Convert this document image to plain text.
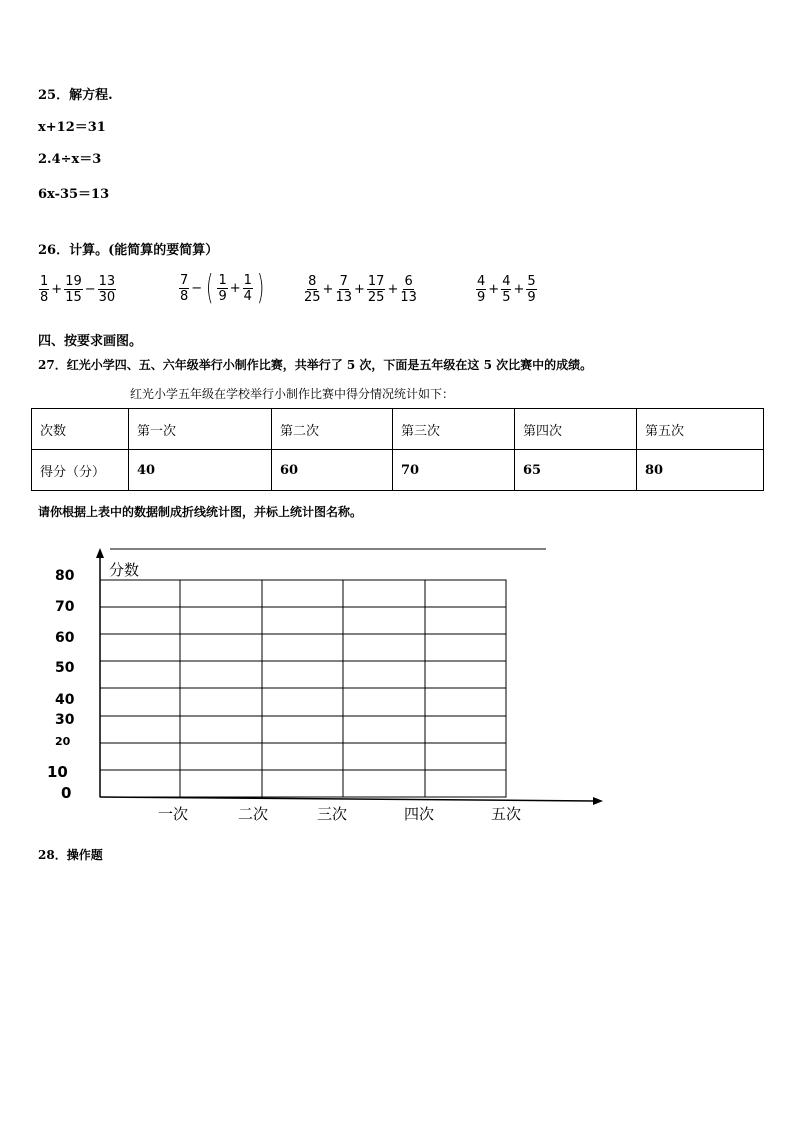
25．解方程.
x+12＝31
2.4÷x＝3
6x-35＝13
26．计算。(能简算的要简算）
$\frac{1}{8} + \frac{19}{15} - \frac{13}{30}$	$\frac{7}{8}$ − ( $\frac{1}{9} + \frac{1}{4}$ )	$\frac{8}{25} + \frac{7}{13} + \frac{17}{25} + \frac{6}{13}$	$\frac{4}{9} + \frac{4}{5} + \frac{5}{9}$
四、按要求画图。
27．红光小学四、五、六年级举行小制作比赛，共举行了 5 次，下面是五年级在这 5 次比赛中的成绩。
红光小学五年级在学校举行小制作比赛中得分情况统计如下：
次数	第一次	第二次	第三次	第四次	第五次
得分（分）	40	60	70	65	80
请你根据上表中的数据制成折线统计图，并标上统计图名称。
分数
80
70
60
50
40
30
20
10
0
一次	二次	三次	四次	五次
28．操作题
